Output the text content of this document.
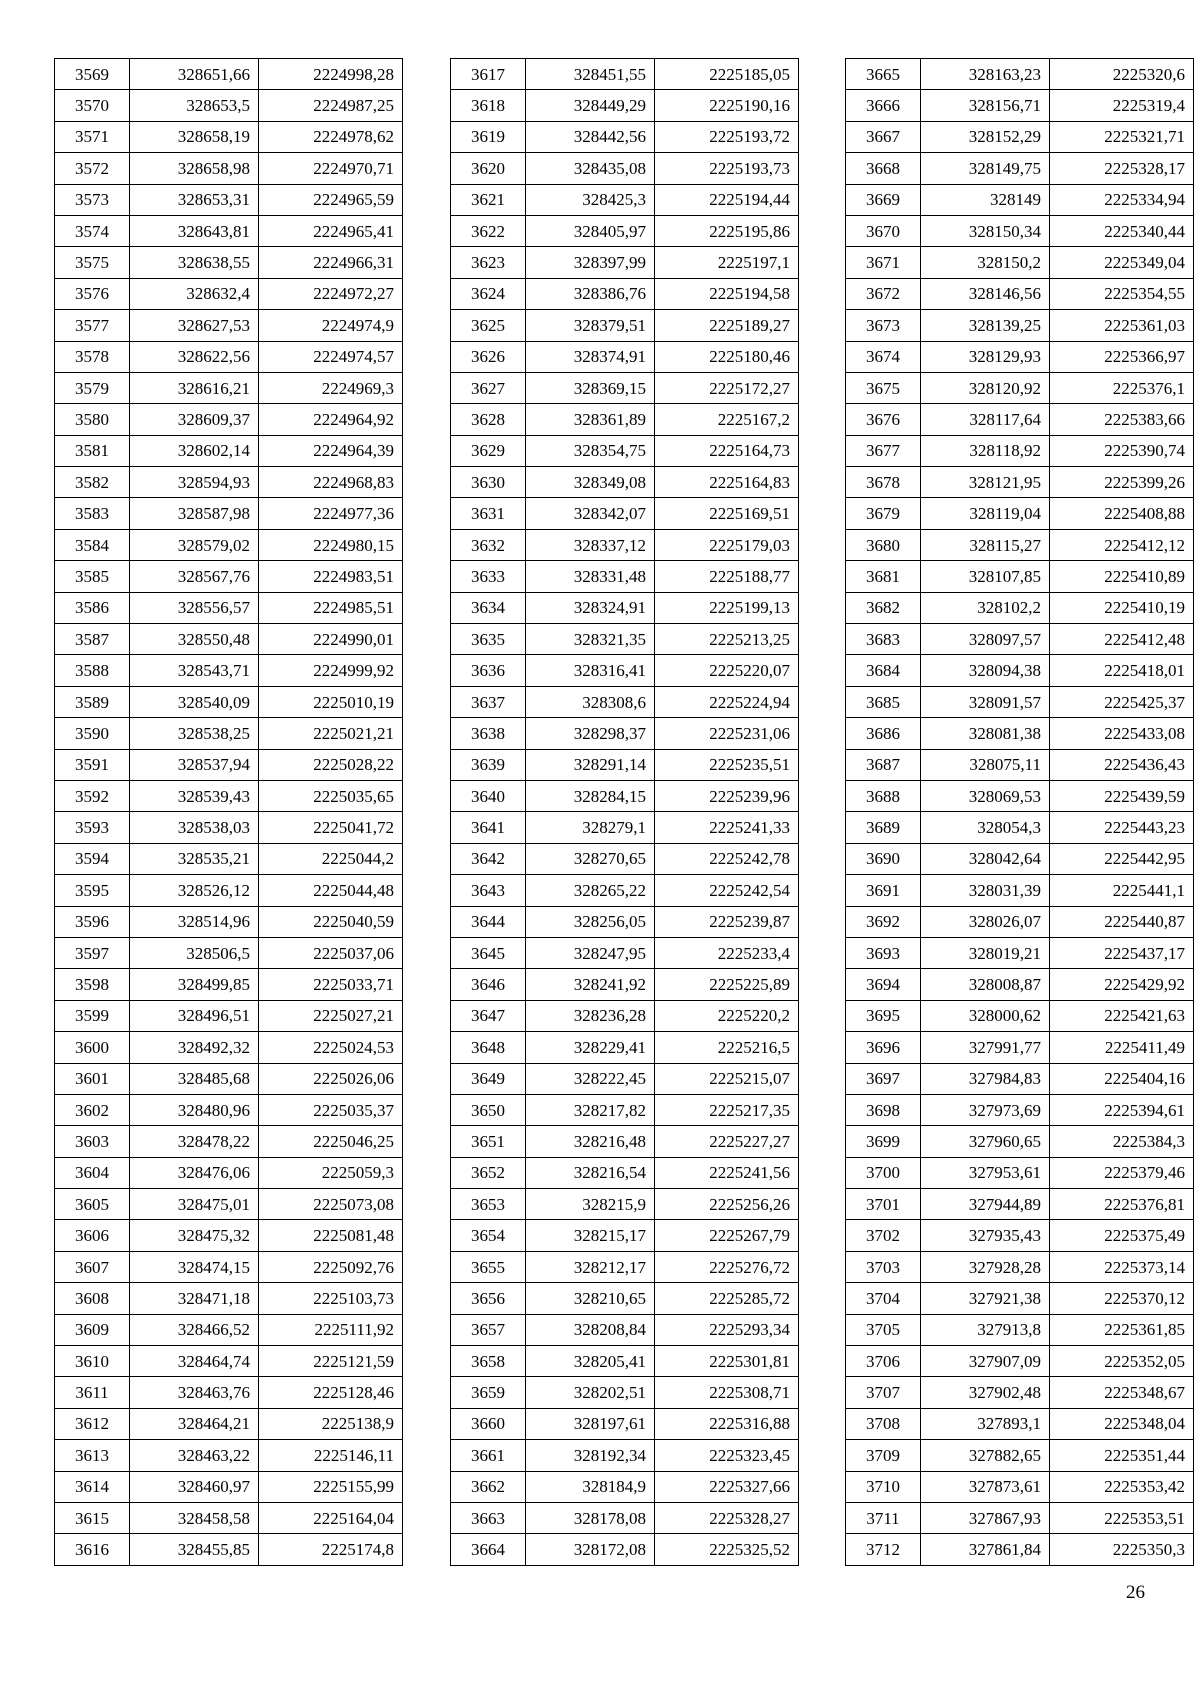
3569	328651,66	2224998,28
3570	328653,5	2224987,25
3571	328658,19	2224978,62
3572	328658,98	2224970,71
3573	328653,31	2224965,59
3574	328643,81	2224965,41
3575	328638,55	2224966,31
3576	328632,4	2224972,27
3577	328627,53	2224974,9
3578	328622,56	2224974,57
3579	328616,21	2224969,3
3580	328609,37	2224964,92
3581	328602,14	2224964,39
3582	328594,93	2224968,83
3583	328587,98	2224977,36
3584	328579,02	2224980,15
3585	328567,76	2224983,51
3586	328556,57	2224985,51
3587	328550,48	2224990,01
3588	328543,71	2224999,92
3589	328540,09	2225010,19
3590	328538,25	2225021,21
3591	328537,94	2225028,22
3592	328539,43	2225035,65
3593	328538,03	2225041,72
3594	328535,21	2225044,2
3595	328526,12	2225044,48
3596	328514,96	2225040,59
3597	328506,5	2225037,06
3598	328499,85	2225033,71
3599	328496,51	2225027,21
3600	328492,32	2225024,53
3601	328485,68	2225026,06
3602	328480,96	2225035,37
3603	328478,22	2225046,25
3604	328476,06	2225059,3
3605	328475,01	2225073,08
3606	328475,32	2225081,48
3607	328474,15	2225092,76
3608	328471,18	2225103,73
3609	328466,52	2225111,92
3610	328464,74	2225121,59
3611	328463,76	2225128,46
3612	328464,21	2225138,9
3613	328463,22	2225146,11
3614	328460,97	2225155,99
3615	328458,58	2225164,04
3616	328455,85	2225174,8
3617	328451,55	2225185,05
3618	328449,29	2225190,16
3619	328442,56	2225193,72
3620	328435,08	2225193,73
3621	328425,3	2225194,44
3622	328405,97	2225195,86
3623	328397,99	2225197,1
3624	328386,76	2225194,58
3625	328379,51	2225189,27
3626	328374,91	2225180,46
3627	328369,15	2225172,27
3628	328361,89	2225167,2
3629	328354,75	2225164,73
3630	328349,08	2225164,83
3631	328342,07	2225169,51
3632	328337,12	2225179,03
3633	328331,48	2225188,77
3634	328324,91	2225199,13
3635	328321,35	2225213,25
3636	328316,41	2225220,07
3637	328308,6	2225224,94
3638	328298,37	2225231,06
3639	328291,14	2225235,51
3640	328284,15	2225239,96
3641	328279,1	2225241,33
3642	328270,65	2225242,78
3643	328265,22	2225242,54
3644	328256,05	2225239,87
3645	328247,95	2225233,4
3646	328241,92	2225225,89
3647	328236,28	2225220,2
3648	328229,41	2225216,5
3649	328222,45	2225215,07
3650	328217,82	2225217,35
3651	328216,48	2225227,27
3652	328216,54	2225241,56
3653	328215,9	2225256,26
3654	328215,17	2225267,79
3655	328212,17	2225276,72
3656	328210,65	2225285,72
3657	328208,84	2225293,34
3658	328205,41	2225301,81
3659	328202,51	2225308,71
3660	328197,61	2225316,88
3661	328192,34	2225323,45
3662	328184,9	2225327,66
3663	328178,08	2225328,27
3664	328172,08	2225325,52
3665	328163,23	2225320,6
3666	328156,71	2225319,4
3667	328152,29	2225321,71
3668	328149,75	2225328,17
3669	328149	2225334,94
3670	328150,34	2225340,44
3671	328150,2	2225349,04
3672	328146,56	2225354,55
3673	328139,25	2225361,03
3674	328129,93	2225366,97
3675	328120,92	2225376,1
3676	328117,64	2225383,66
3677	328118,92	2225390,74
3678	328121,95	2225399,26
3679	328119,04	2225408,88
3680	328115,27	2225412,12
3681	328107,85	2225410,89
3682	328102,2	2225410,19
3683	328097,57	2225412,48
3684	328094,38	2225418,01
3685	328091,57	2225425,37
3686	328081,38	2225433,08
3687	328075,11	2225436,43
3688	328069,53	2225439,59
3689	328054,3	2225443,23
3690	328042,64	2225442,95
3691	328031,39	2225441,1
3692	328026,07	2225440,87
3693	328019,21	2225437,17
3694	328008,87	2225429,92
3695	328000,62	2225421,63
3696	327991,77	2225411,49
3697	327984,83	2225404,16
3698	327973,69	2225394,61
3699	327960,65	2225384,3
3700	327953,61	2225379,46
3701	327944,89	2225376,81
3702	327935,43	2225375,49
3703	327928,28	2225373,14
3704	327921,38	2225370,12
3705	327913,8	2225361,85
3706	327907,09	2225352,05
3707	327902,48	2225348,67
3708	327893,1	2225348,04
3709	327882,65	2225351,44
3710	327873,61	2225353,42
3711	327867,93	2225353,51
3712	327861,84	2225350,3
26
